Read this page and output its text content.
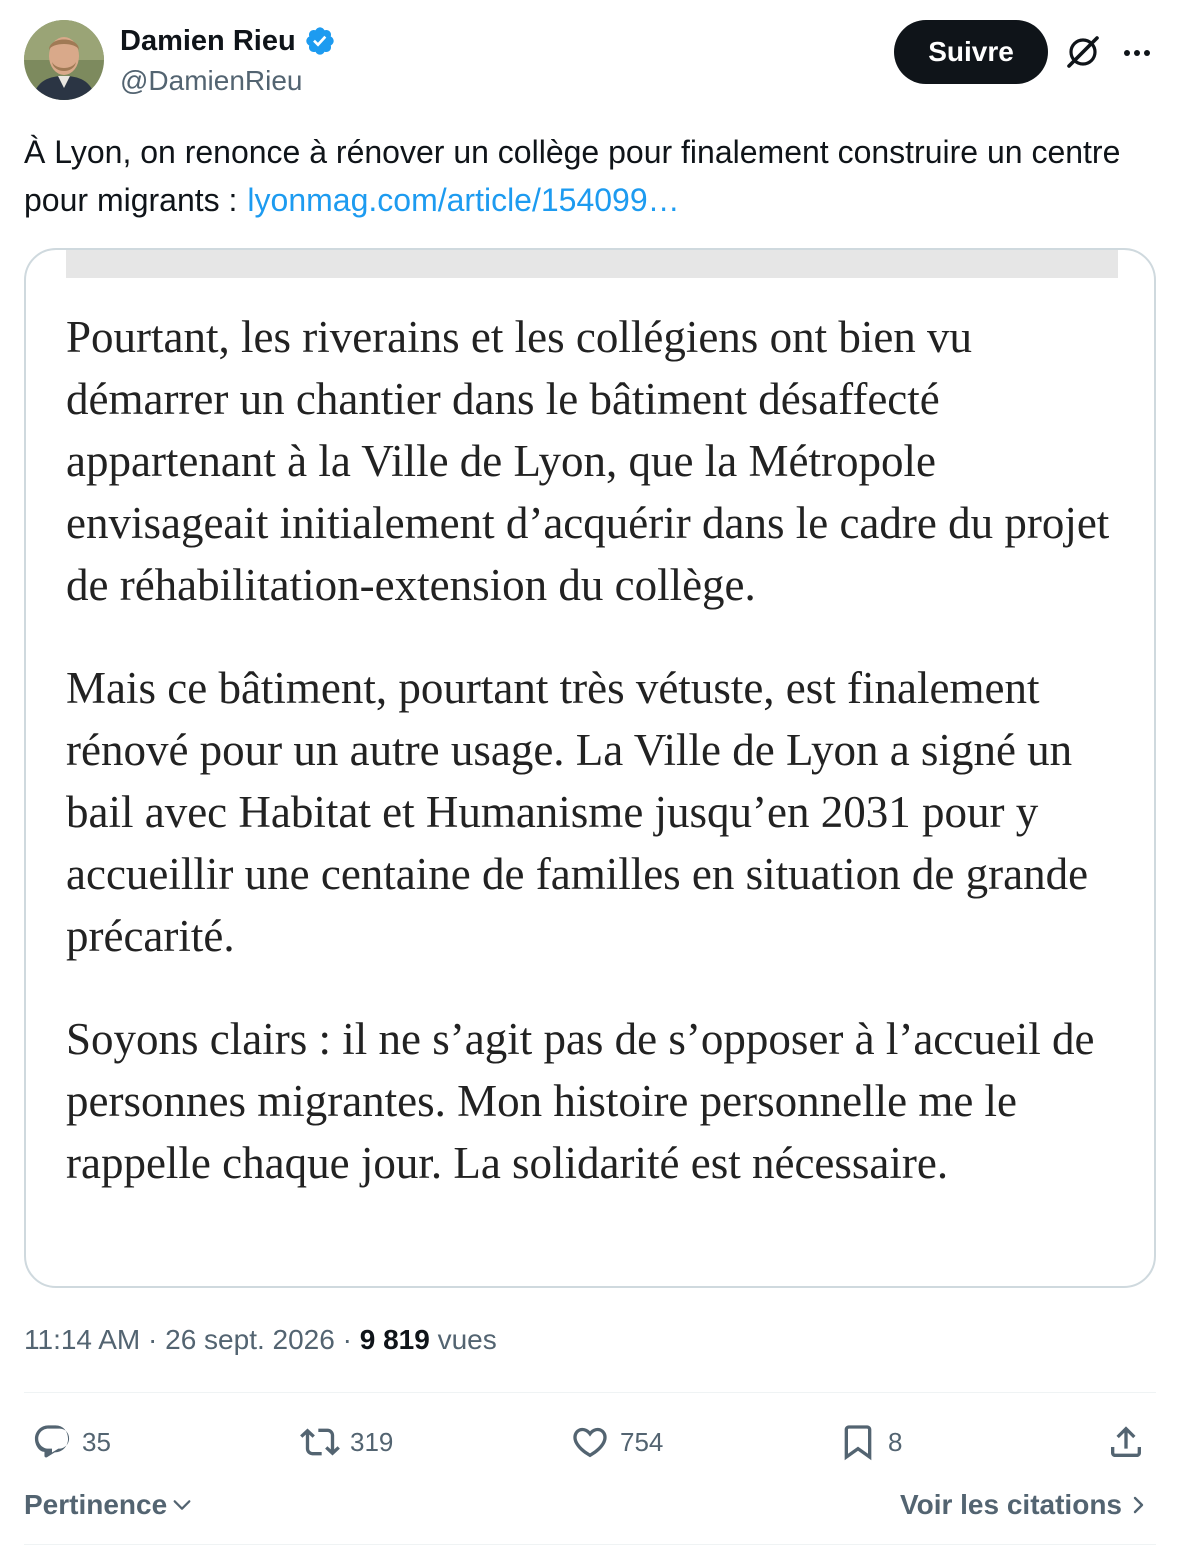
Damien Rieu
@DamienRieu
Suivre
À Lyon, on renonce à rénover un collège pour finalement construire un centre pour migrants : lyonmag.com/article/154099…

Pourtant, les riverains et les collégiens ont bien vu démarrer un chantier dans le bâtiment désaffecté appartenant à la Ville de Lyon, que la Métropole envisageait initialement d’acquérir dans le cadre du projet de réhabilitation-extension du collège.

Mais ce bâtiment, pourtant très vétuste, est finalement rénové pour un autre usage. La Ville de Lyon a signé un bail avec Habitat et Humanisme jusqu’en 2031 pour y accueillir une centaine de familles en situation de grande précarité.

Soyons clairs : il ne s’agit pas de s’opposer à l’accueil de personnes migrantes. Mon histoire personnelle me le rappelle chaque jour. La solidarité est nécessaire.

11:14 AM · 26 sept. 2026 · 9 819 vues
35	319	754	8
Pertinence	Voir les citations
